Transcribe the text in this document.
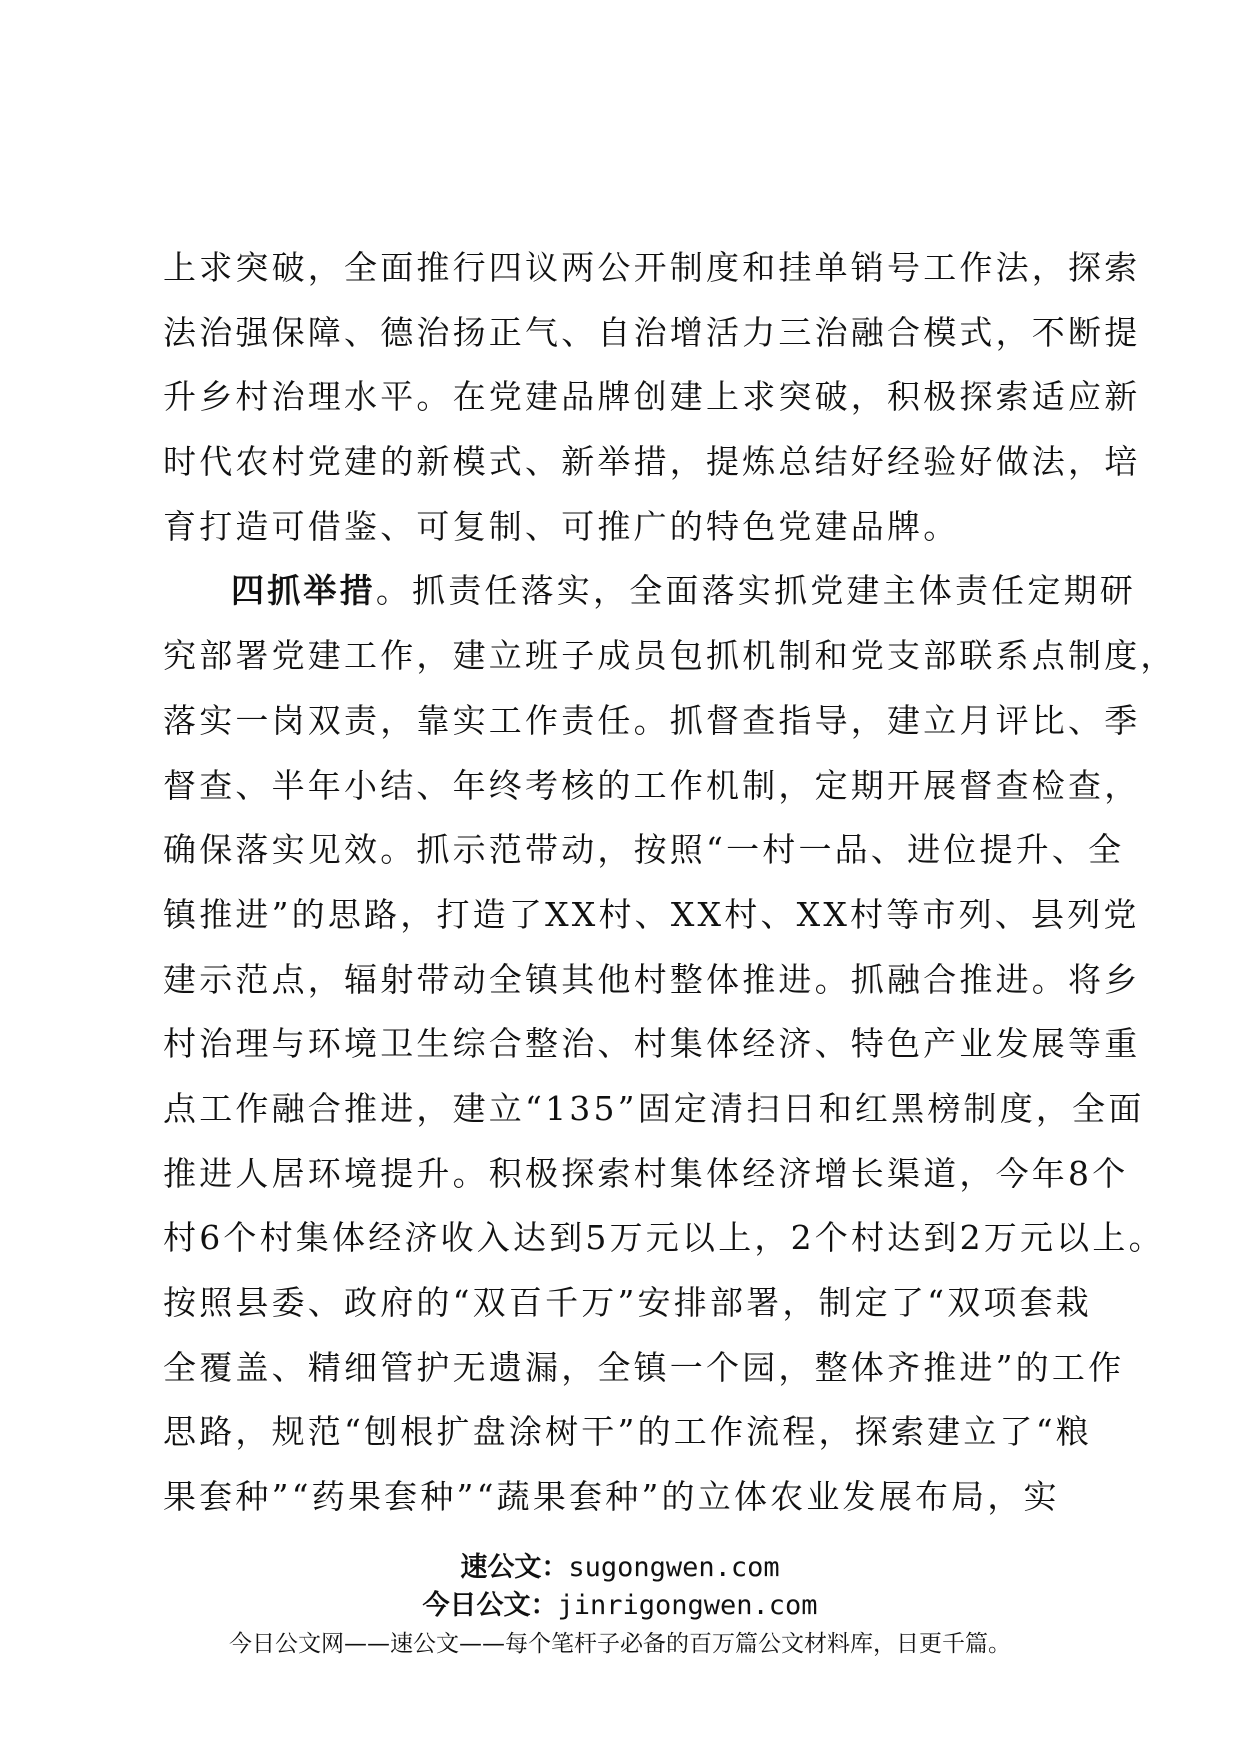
上求突破，全面推行四议两公开制度和挂单销号工作法，探索
法治强保障、德治扬正气、自治增活力三治融合模式，不断提
升乡村治理水平。在党建品牌创建上求突破，积极探索适应新
时代农村党建的新模式、新举措，提炼总结好经验好做法，培
育打造可借鉴、可复制、可推广的特色党建品牌。
四抓举措。抓责任落实，全面落实抓党建主体责任定期研
究部署党建工作，建立班子成员包抓机制和党支部联系点制度，
落实一岗双责，靠实工作责任。抓督查指导，建立月评比、季
督查、半年小结、年终考核的工作机制，定期开展督查检查，
确保落实见效。抓示范带动，按照“一村一品、进位提升、全
镇推进”的思路，打造了XX村、XX村、XX村等市列、县列党
建示范点，辐射带动全镇其他村整体推进。抓融合推进。将乡
村治理与环境卫生综合整治、村集体经济、特色产业发展等重
点工作融合推进，建立“135”固定清扫日和红黑榜制度，全面
推进人居环境提升。积极探索村集体经济增长渠道，今年8个
村6个村集体经济收入达到5万元以上，2个村达到2万元以上。
按照县委、政府的“双百千万”安排部署，制定了“双项套栽
全覆盖、精细管护无遗漏，全镇一个园，整体齐推进”的工作
思路，规范“刨根扩盘涂树干”的工作流程，探索建立了“粮
果套种”“药果套种”“蔬果套种”的立体农业发展布局，实
速公文：sugongwen.com
今日公文：jinrigongwen.com
今日公文网——速公文——每个笔杆子必备的百万篇公文材料库，日更千篇。
